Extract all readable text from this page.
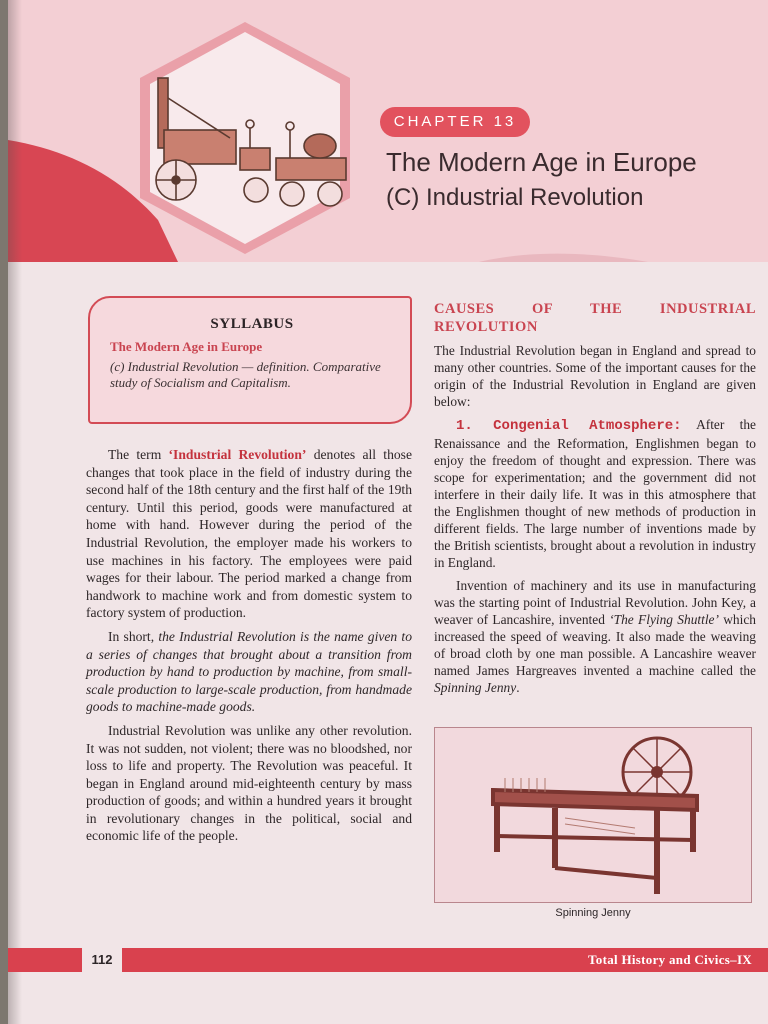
CHAPTER 13
The Modern Age in Europe
(C) Industrial Revolution
SYLLABUS
The Modern Age in Europe
(c) Industrial Revolution — definition. Comparative study of Socialism and Capitalism.

The term ‘Industrial Revolution’ denotes all those changes that took place in the field of industry during the second half of the 18th century and the first half of the 19th century. Until this period, goods were manufactured at home with hand. However during the period of the Industrial Revolution, the employer made his workers to use machines in his factory. The employees were paid wages for their labour. The period marked a change from handwork to machine work and from domestic system to factory system of production.

In short, the Industrial Revolution is the name given to a series of changes that brought about a transition from production by hand to production by machine, from small-scale production to large-scale production, from handmade goods to machine-made goods.

Industrial Revolution was unlike any other revolution. It was not sudden, not violent; there was no bloodshed, nor loss to life and property. The Revolution was peaceful. It began in England around mid-eighteenth century by mass production of goods; and within a hundred years it brought in revolutionary changes in the political, social and economic life of the people.

CAUSES OF THE INDUSTRIAL REVOLUTION

The Industrial Revolution began in England and spread to many other countries. Some of the important causes for the origin of the Industrial Revolution in England are given below:

1. Congenial Atmosphere: After the Renaissance and the Reformation, Englishmen began to enjoy the freedom of thought and expression. There was scope for experimentation; and the government did not interfere in their daily life. It was in this atmosphere that the Englishmen thought of new methods of production in different fields. The large number of inventions made by the British scientists, brought about a revolution in industry in England.

Invention of machinery and its use in manufacturing was the starting point of Industrial Revolution. John Key, a weaver of Lancashire, invented ‘The Flying Shuttle’ which increased the speed of weaving. It also made the weaving of broad cloth by one man possible. A Lancashire weaver named James Hargreaves invented a machine called the Spinning Jenny.

Spinning Jenny
112	Total History and Civics–IX
